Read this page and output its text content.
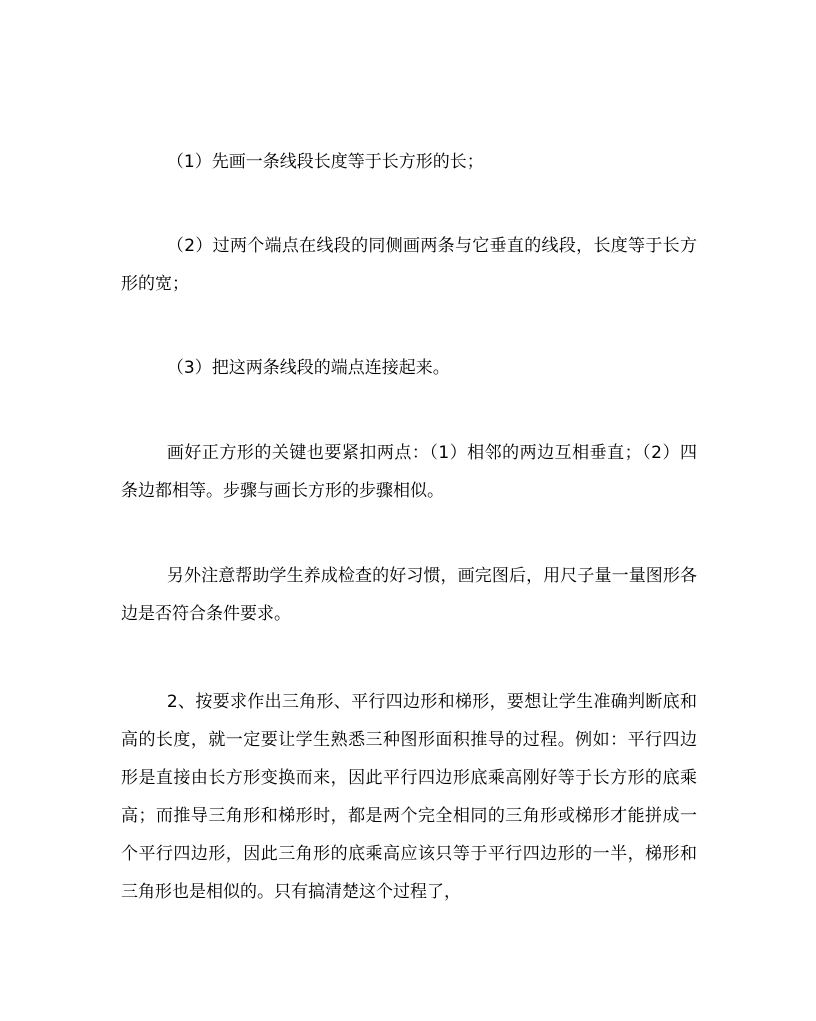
（1）先画一条线段长度等于长方形的长；

（2）过两个端点在线段的同侧画两条与它垂直的线段，长度等于长方形的宽；

（3）把这两条线段的端点连接起来。

画好正方形的关键也要紧扣两点：（1）相邻的两边互相垂直；（2）四条边都相等。步骤与画长方形的步骤相似。

另外注意帮助学生养成检查的好习惯，画完图后，用尺子量一量图形各边是否符合条件要求。

2、按要求作出三角形、平行四边形和梯形，要想让学生准确判断底和高的长度，就一定要让学生熟悉三种图形面积推导的过程。例如：平行四边形是直接由长方形变换而来，因此平行四边形底乘高刚好等于长方形的底乘高；而推导三角形和梯形时，都是两个完全相同的三角形或梯形才能拼成一个平行四边形，因此三角形的底乘高应该只等于平行四边形的一半，梯形和三角形也是相似的。只有搞清楚这个过程了，
